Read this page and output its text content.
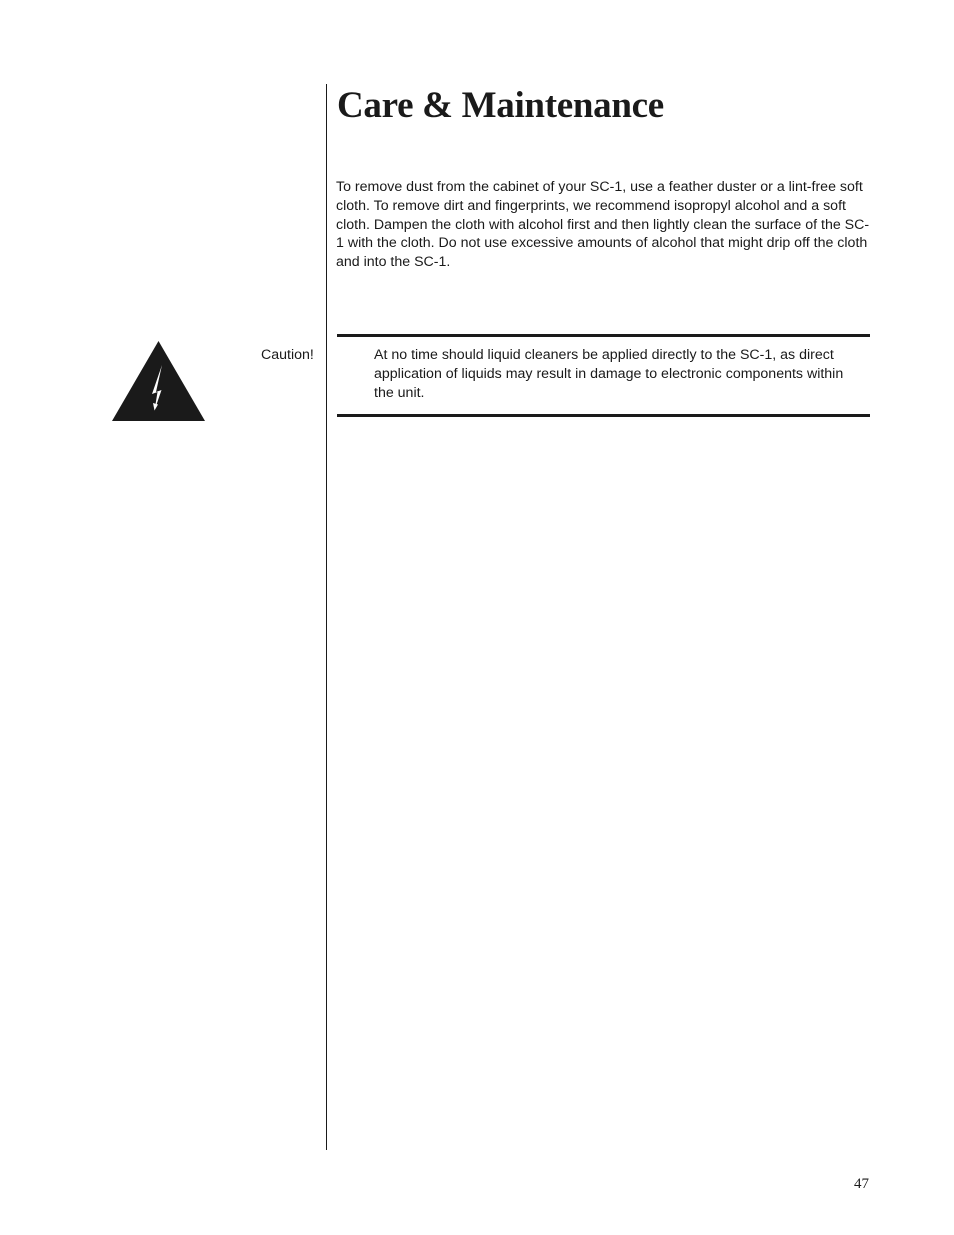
Care & Maintenance

To remove dust from the cabinet of your SC-1, use a feather duster or a lint-free soft cloth. To remove dirt and fingerprints, we recommend isopropyl alcohol and a soft cloth. Dampen the cloth with alcohol first and then lightly clean the surface of the SC-1 with the cloth. Do not use excessive amounts of alcohol that might drip off the cloth and into the SC-1.

Caution!	At no time should liquid cleaners be applied directly to the SC-1, as direct application of liquids may result in damage to electronic components within the unit.

47
